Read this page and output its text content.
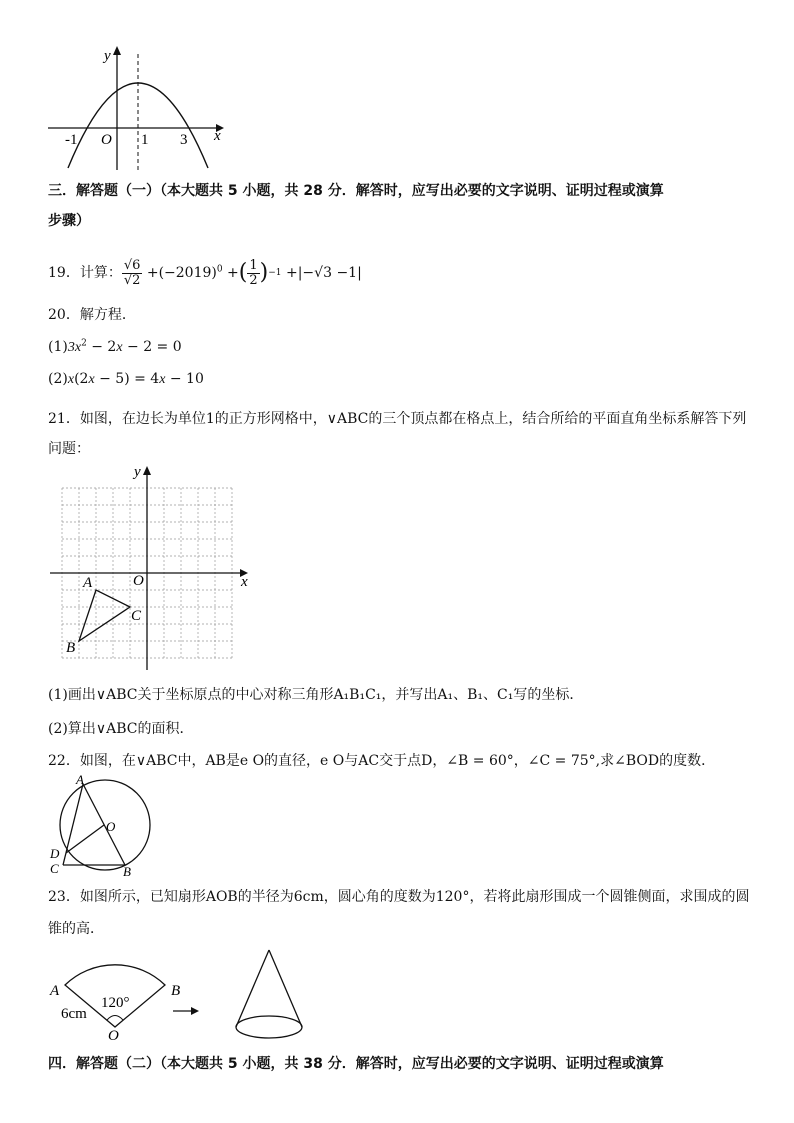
y
x
-1 O 1 3
三．解答题（一）（本大题共 5 小题，共 28 分．解答时，应写出必要的文字说明、证明过程或演算
步骤）
19． 计算： $\frac{√6}{√2} +(-2019)^0$ + ( $\frac{1}{2}$ ) −1 +|−√3 −1|
20．解方程．
$(1)3x^2 - 2x - 2 = 0$
(2)x(2x − 5) = 4x − 10
21．如图，在边长为单位1的正方形网格中，∨ABC的三个顶点都在格点上，结合所给的平面直角坐标系解答下列
问题：
y
x
O
A
B
C
(1)画出∨ABC关于坐标原点的中心对称三角形A₁B₁C₁，并写出A₁、B₁、C₁写的坐标．
(2)算出∨ABC的面积．
22．如图，在∨ABC中，AB是e O的直径，e O与AC交于点D，∠B = 60°，∠C = 75°,求∠BOD的度数．
A
O
D
C	B
23．如图所示，已知扇形AOB的半径为6cm，圆心角的度数为120°，若将此扇形围成一个圆锥侧面，求围成的圆
锥的高．
A	B
O
120°
6cm
四．解答题（二）（本大题共 5 小题，共 38 分．解答时，应写出必要的文字说明、证明过程或演算
